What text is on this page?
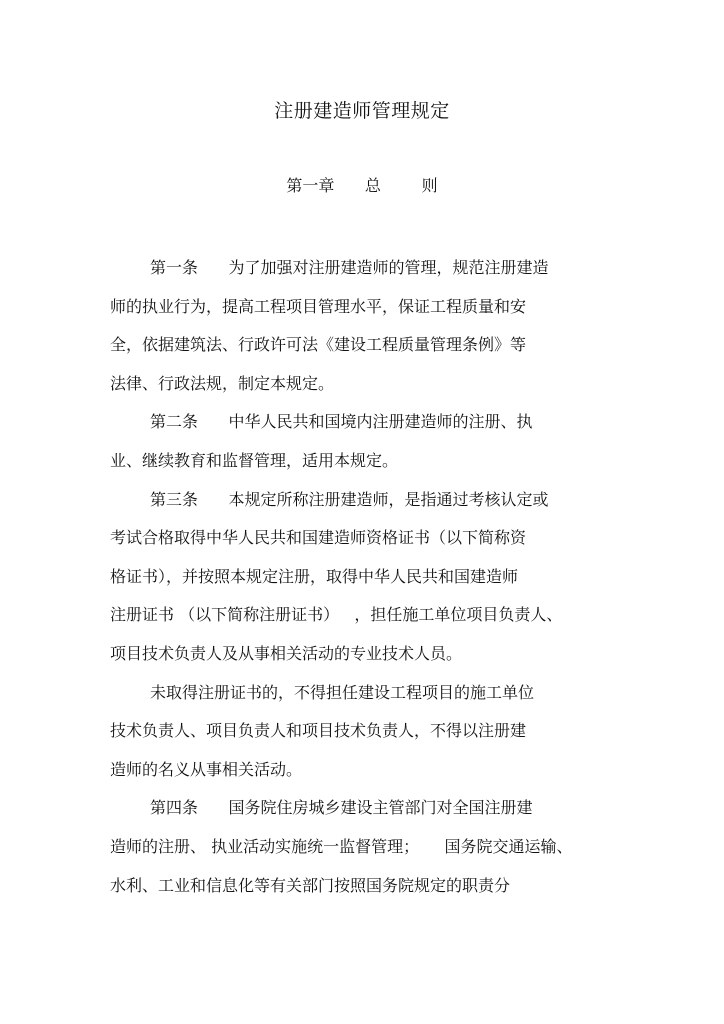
注册建造师管理规定
第一章      总        则
第一条      为了加强对注册建造师的管理，规范注册建造
师的执业行为，提高工程项目管理水平，保证工程质量和安
全，依据建筑法、行政许可法《建设工程质量管理条例》等
法律、行政法规，制定本规定。
第二条      中华人民共和国境内注册建造师的注册、执
业、继续教育和监督管理，适用本规定。
第三条      本规定所称注册建造师，是指通过考核认定或
考试合格取得中华人民共和国建造师资格证书（以下简称资
格证书），并按照本规定注册，取得中华人民共和国建造师
注册证书 （以下简称注册证书）   ，担任施工单位项目负责人、
项目技术负责人及从事相关活动的专业技术人员。
未取得注册证书的，不得担任建设工程项目的施工单位
技术负责人、项目负责人和项目技术负责人，不得以注册建
造师的名义从事相关活动。
第四条      国务院住房城乡建设主管部门对全国注册建
造师的注册、 执业活动实施统一监督管理；     国务院交通运输、
水利、工业和信息化等有关部门按照国务院规定的职责分
